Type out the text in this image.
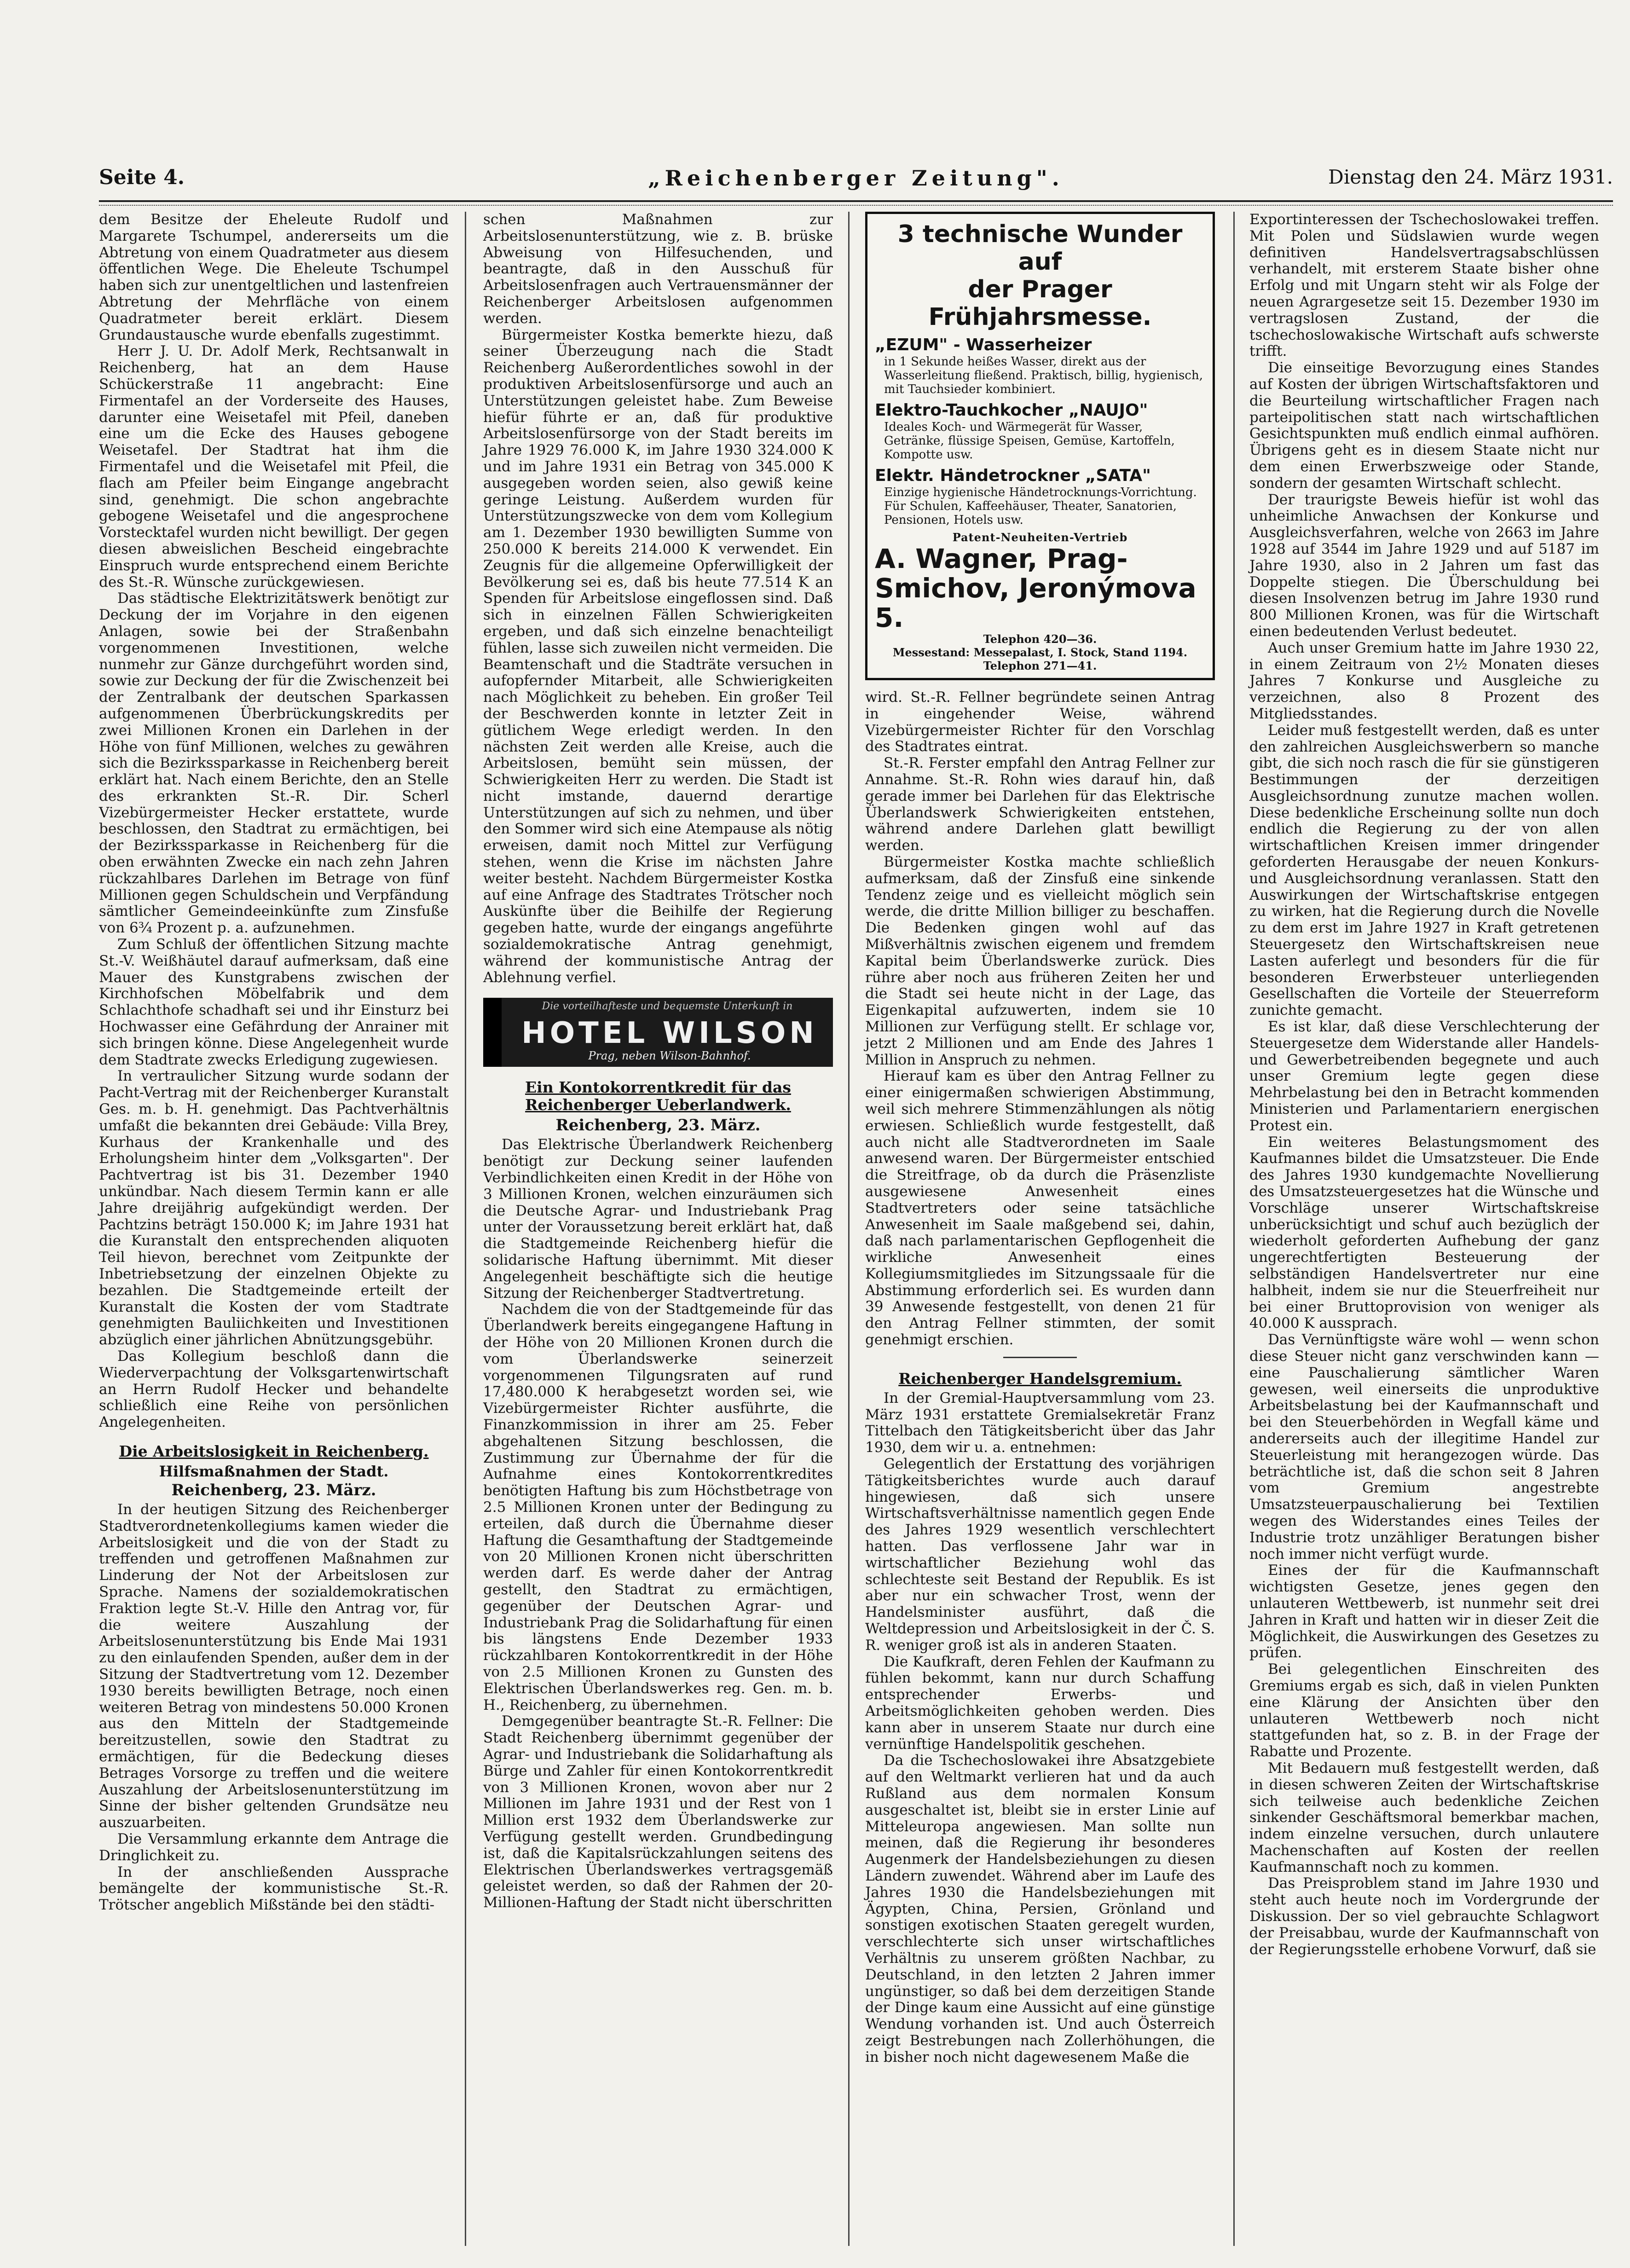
Seite 4.	„Reichenberger Zeitung".	Dienstag den 24. März 1931.

dem Besitze der Eheleute Rudolf und Margarete Tschumpel, andererseits um die Abtretung von einem Quadratmeter aus diesem öffentlichen Wege. Die Eheleute Tschumpel haben sich zur unentgeltlichen und lastenfreien Abtretung der Mehrfläche von einem Quadratmeter bereit erklärt. Diesem Grundaustausche wurde ebenfalls zugestimmt.

Herr J. U. Dr. Adolf Merk, Rechtsanwalt in Reichenberg, hat an dem Hause Schückerstraße 11 angebracht: Eine Firmentafel an der Vorderseite des Hauses, darunter eine Weisetafel mit Pfeil, daneben eine um die Ecke des Hauses gebogene Weisetafel. Der Stadtrat hat ihm die Firmentafel und die Weisetafel mit Pfeil, die flach am Pfeiler beim Eingange angebracht sind, genehmigt. Die schon angebrachte gebogene Weisetafel und die angesprochene Vorstecktafel wurden nicht bewilligt. Der gegen diesen abweislichen Bescheid eingebrachte Einspruch wurde entsprechend einem Berichte des St.-R. Wünsche zurückgewiesen.

Das städtische Elektrizitätswerk benötigt zur Deckung der im Vorjahre in den eigenen Anlagen, sowie bei der Straßenbahn vorgenommenen Investitionen, welche nunmehr zur Gänze durchgeführt worden sind, sowie zur Deckung der für die Zwischenzeit bei der Zentralbank der deutschen Sparkassen aufgenommenen Überbrückungskredits per zwei Millionen Kronen ein Darlehen in der Höhe von fünf Millionen, welches zu gewähren sich die Bezirkssparkasse in Reichenberg bereit erklärt hat. Nach einem Berichte, den an Stelle des erkrankten St.-R. Dir. Scherl Vizebürgermeister Hecker erstattete, wurde beschlossen, den Stadtrat zu ermächtigen, bei der Bezirkssparkasse in Reichenberg für die oben erwähnten Zwecke ein nach zehn Jahren rückzahlbares Darlehen im Betrage von fünf Millionen gegen Schuldschein und Verpfändung sämtlicher Gemeindeeinkünfte zum Zinsfuße von 6¾ Prozent p. a. aufzunehmen.

Zum Schluß der öffentlichen Sitzung machte St.-V. Weißhäutel darauf aufmerksam, daß eine Mauer des Kunstgrabens zwischen der Kirchhofschen Möbelfabrik und dem Schlachthofe schadhaft sei und ihr Einsturz bei Hochwasser eine Gefährdung der Anrainer mit sich bringen könne. Diese Angelegenheit wurde dem Stadtrate zwecks Erledigung zugewiesen.

In vertraulicher Sitzung wurde sodann der Pacht-Vertrag mit der Reichenberger Kuranstalt Ges. m. b. H. genehmigt. Das Pachtverhältnis umfaßt die bekannten drei Gebäude: Villa Brey, Kurhaus der Krankenhalle und des Erholungsheim hinter dem „Volksgarten". Der Pachtvertrag ist bis 31. Dezember 1940 unkündbar. Nach diesem Termin kann er alle Jahre dreijährig aufgekündigt werden. Der Pachtzins beträgt 150.000 K; im Jahre 1931 hat die Kuranstalt den entsprechenden aliquoten Teil hievon, berechnet vom Zeitpunkte der Inbetriebsetzung der einzelnen Objekte zu bezahlen. Die Stadtgemeinde erteilt der Kuranstalt die Kosten der vom Stadtrate genehmigten Bauliichkeiten und Investitionen abzüglich einer jährlichen Abnützungsgebühr.

Das Kollegium beschloß dann die Wiederverpachtung der Volksgartenwirtschaft an Herrn Rudolf Hecker und behandelte schließlich eine Reihe von persönlichen Angelegenheiten.

Die Arbeitslosigkeit in Reichenberg.
Hilfsmaßnahmen der Stadt.
Reichenberg, 23. März.

In der heutigen Sitzung des Reichenberger Stadtverordnetenkollegiums kamen wieder die Arbeitslosigkeit und die von der Stadt zu treffenden und getroffenen Maßnahmen zur Linderung der Not der Arbeitslosen zur Sprache. Namens der sozialdemokratischen Fraktion legte St.-V. Hille den Antrag vor, für die weitere Auszahlung der Arbeitslosenunterstützung bis Ende Mai 1931 zu den einlaufenden Spenden, außer dem in der Sitzung der Stadtvertretung vom 12. Dezember 1930 bereits bewilligten Betrage, noch einen weiteren Betrag von mindestens 50.000 Kronen aus den Mitteln der Stadtgemeinde bereitzustellen, sowie den Stadtrat zu ermächtigen, für die Bedeckung dieses Betrages Vorsorge zu treffen und die weitere Auszahlung der Arbeitslosenunterstützung im Sinne der bisher geltenden Grundsätze neu auszuarbeiten.

Die Versammlung erkannte dem Antrage die Dringlichkeit zu.

In der anschließenden Aussprache bemängelte der kommunistische St.-R. Trötscher angeblich Mißstände bei den städti-

schen Maßnahmen zur Arbeitslosenunterstützung, wie z. B. brüske Abweisung von Hilfesuchenden, und beantragte, daß in den Ausschuß für Arbeitslosenfragen auch Vertrauensmänner der Reichenberger Arbeitslosen aufgenommen werden.

Bürgermeister Kostka bemerkte hiezu, daß seiner Überzeugung nach die Stadt Reichenberg Außerordentliches sowohl in der produktiven Arbeitslosenfürsorge und auch an Unterstützungen geleistet habe. Zum Beweise hiefür führte er an, daß für produktive Arbeitslosenfürsorge von der Stadt bereits im Jahre 1929 76.000 K, im Jahre 1930 324.000 K und im Jahre 1931 ein Betrag von 345.000 K ausgegeben worden seien, also gewiß keine geringe Leistung. Außerdem wurden für Unterstützungszwecke von dem vom Kollegium am 1. Dezember 1930 bewilligten Summe von 250.000 K bereits 214.000 K verwendet. Ein Zeugnis für die allgemeine Opferwilligkeit der Bevölkerung sei es, daß bis heute 77.514 K an Spenden für Arbeitslose eingeflossen sind. Daß sich in einzelnen Fällen Schwierigkeiten ergeben, und daß sich einzelne benachteiligt fühlen, lasse sich zuweilen nicht vermeiden. Die Beamtenschaft und die Stadträte versuchen in aufopfernder Mitarbeit, alle Schwierigkeiten nach Möglichkeit zu beheben. Ein großer Teil der Beschwerden konnte in letzter Zeit in gütlichem Wege erledigt werden. In den nächsten Zeit werden alle Kreise, auch die Arbeitslosen, bemüht sein müssen, der Schwierigkeiten Herr zu werden. Die Stadt ist nicht imstande, dauernd derartige Unterstützungen auf sich zu nehmen, und über den Sommer wird sich eine Atempause als nötig erweisen, damit noch Mittel zur Verfügung stehen, wenn die Krise im nächsten Jahre weiter besteht. Nachdem Bürgermeister Kostka auf eine Anfrage des Stadtrates Trötscher noch Auskünfte über die Beihilfe der Regierung gegeben hatte, wurde der eingangs angeführte sozialdemokratische Antrag genehmigt, während der kommunistische Antrag der Ablehnung verfiel.

Die vorteilhafteste und bequemste Unterkunft in
HOTEL WILSON
Prag, neben Wilson-Bahnhof.
Ein Kontokorrentkredit für das Reichenberger Ueberlandwerk.
Reichenberg, 23. März.

Das Elektrische Überlandwerk Reichenberg benötigt zur Deckung seiner laufenden Verbindlichkeiten einen Kredit in der Höhe von 3 Millionen Kronen, welchen einzuräumen sich die Deutsche Agrar- und Industriebank Prag unter der Voraussetzung bereit erklärt hat, daß die Stadtgemeinde Reichenberg hiefür die solidarische Haftung übernimmt. Mit dieser Angelegenheit beschäftigte sich die heutige Sitzung der Reichenberger Stadtvertretung.

Nachdem die von der Stadtgemeinde für das Überlandwerk bereits eingegangene Haftung in der Höhe von 20 Millionen Kronen durch die vom Überlandswerke seinerzeit vorgenommenen Tilgungsraten auf rund 17,480.000 K herabgesetzt worden sei, wie Vizebürgermeister Richter ausführte, die Finanzkommission in ihrer am 25. Feber abgehaltenen Sitzung beschlossen, die Zustimmung zur Übernahme der für die Aufnahme eines Kontokorrentkredites benötigten Haftung bis zum Höchstbetrage von 2.5 Millionen Kronen unter der Bedingung zu erteilen, daß durch die Übernahme dieser Haftung die Gesamthaftung der Stadtgemeinde von 20 Millionen Kronen nicht überschritten werden darf. Es werde daher der Antrag gestellt, den Stadtrat zu ermächtigen, gegenüber der Deutschen Agrar- und Industriebank Prag die Solidarhaftung für einen bis längstens Ende Dezember 1933 rückzahlbaren Kontokorrentkredit in der Höhe von 2.5 Millionen Kronen zu Gunsten des Elektrischen Überlandswerkes reg. Gen. m. b. H., Reichenberg, zu übernehmen.

Demgegenüber beantragte St.-R. Fellner: Die Stadt Reichenberg übernimmt gegenüber der Agrar- und Industriebank die Solidarhaftung als Bürge und Zahler für einen Kontokorrentkredit von 3 Millionen Kronen, wovon aber nur 2 Millionen im Jahre 1931 und der Rest von 1 Million erst 1932 dem Überlandswerke zur Verfügung gestellt werden. Grundbedingung ist, daß die Kapitalsrückzahlungen seitens des Elektrischen Überlandswerkes vertragsgemäß geleistet werden, so daß der Rahmen der 20-Millionen-Haftung der Stadt nicht überschritten

3 technische Wunder auf
der Prager Frühjahrsmesse.
„EZUM" - Wasserheizer
in 1 Sekunde heißes Wasser, direkt aus der Wasserleitung fließend. Praktisch, billig, hygienisch, mit Tauchsieder kombiniert.
Elektro-Tauchkocher „NAUJO"
Ideales Koch- und Wärmegerät für Wasser, Getränke, flüssige Speisen, Gemüse, Kartoffeln, Kompotte usw.
Elektr. Händetrockner „SATA"
Einzige hygienische Händetrocknungs-Vorrichtung. Für Schulen, Kaffeehäuser, Theater, Sanatorien, Pensionen, Hotels usw.
Patent-Neuheiten-Vertrieb
A. Wagner, Prag-Smichov, Jeronýmova 5.
Telephon 420—36.
Messestand: Messepalast, I. Stock, Stand 1194.
Telephon 271—41.

wird. St.-R. Fellner begründete seinen Antrag in eingehender Weise, während Vizebürgermeister Richter für den Vorschlag des Stadtrates eintrat.

St.-R. Ferster empfahl den Antrag Fellner zur Annahme. St.-R. Rohn wies darauf hin, daß gerade immer bei Darlehen für das Elektrische Überlandswerk Schwierigkeiten entstehen, während andere Darlehen glatt bewilligt werden.

Bürgermeister Kostka machte schließlich aufmerksam, daß der Zinsfuß eine sinkende Tendenz zeige und es vielleicht möglich sein werde, die dritte Million billiger zu beschaffen. Die Bedenken gingen wohl auf das Mißverhältnis zwischen eigenem und fremdem Kapital beim Überlandswerke zurück. Dies rühre aber noch aus früheren Zeiten her und die Stadt sei heute nicht in der Lage, das Eigenkapital aufzuwerten, indem sie 10 Millionen zur Verfügung stellt. Er schlage vor, jetzt 2 Millionen und am Ende des Jahres 1 Million in Anspruch zu nehmen.

Hierauf kam es über den Antrag Fellner zu einer einigermaßen schwierigen Abstimmung, weil sich mehrere Stimmenzählungen als nötig erwiesen. Schließlich wurde festgestellt, daß auch nicht alle Stadtverordneten im Saale anwesend waren. Der Bürgermeister entschied die Streitfrage, ob da durch die Präsenzliste ausgewiesene Anwesenheit eines Stadtvertreters oder seine tatsächliche Anwesenheit im Saale maßgebend sei, dahin, daß nach parlamentarischen Gepflogenheit die wirkliche Anwesenheit eines Kollegiumsmitgliedes im Sitzungssaale für die Abstimmung erforderlich sei. Es wurden dann 39 Anwesende festgestellt, von denen 21 für den Antrag Fellner stimmten, der somit genehmigt erschien.

Reichenberger Handelsgremium.

In der Gremial-Hauptversammlung vom 23. März 1931 erstattete Gremialsekretär Franz Tittelbach den Tätigkeitsbericht über das Jahr 1930, dem wir u. a. entnehmen:

Gelegentlich der Erstattung des vorjährigen Tätigkeitsberichtes wurde auch darauf hingewiesen, daß sich unsere Wirtschaftsverhältnisse namentlich gegen Ende des Jahres 1929 wesentlich verschlechtert hatten. Das verflossene Jahr war in wirtschaftlicher Beziehung wohl das schlechteste seit Bestand der Republik. Es ist aber nur ein schwacher Trost, wenn der Handelsminister ausführt, daß die Weltdepression und Arbeitslosigkeit in der Č. S. R. weniger groß ist als in anderen Staaten.

Die Kaufkraft, deren Fehlen der Kaufmann zu fühlen bekommt, kann nur durch Schaffung entsprechender Erwerbs- und Arbeitsmöglichkeiten gehoben werden. Dies kann aber in unserem Staate nur durch eine vernünftige Handelspolitik geschehen.

Da die Tschechoslowakei ihre Absatzgebiete auf den Weltmarkt verlieren hat und da auch Rußland aus dem normalen Konsum ausgeschaltet ist, bleibt sie in erster Linie auf Mitteleuropa angewiesen. Man sollte nun meinen, daß die Regierung ihr besonderes Augenmerk der Handelsbeziehungen zu diesen Ländern zuwendet. Während aber im Laufe des Jahres 1930 die Handelsbeziehungen mit Ägypten, China, Persien, Grönland und sonstigen exotischen Staaten geregelt wurden, verschlechterte sich unser wirtschaftliches Verhältnis zu unserem größten Nachbar, zu Deutschland, in den letzten 2 Jahren immer ungünstiger, so daß bei dem derzeitigen Stande der Dinge kaum eine Aussicht auf eine günstige Wendung vorhanden ist. Und auch Österreich zeigt Bestrebungen nach Zollerhöhungen, die in bisher noch nicht dagewesenem Maße die

Exportinteressen der Tschechoslowakei treffen. Mit Polen und Südslawien wurde wegen definitiven Handelsvertragsabschlüssen verhandelt, mit ersterem Staate bisher ohne Erfolg und mit Ungarn steht wir als Folge der neuen Agrargesetze seit 15. Dezember 1930 im vertragslosen Zustand, der die tschechoslowakische Wirtschaft aufs schwerste trifft.

Die einseitige Bevorzugung eines Standes auf Kosten der übrigen Wirtschaftsfaktoren und die Beurteilung wirtschaftlicher Fragen nach parteipolitischen statt nach wirtschaftlichen Gesichtspunkten muß endlich einmal aufhören. Übrigens geht es in diesem Staate nicht nur dem einen Erwerbszweige oder Stande, sondern der gesamten Wirtschaft schlecht.

Der traurigste Beweis hiefür ist wohl das unheimliche Anwachsen der Konkurse und Ausgleichsverfahren, welche von 2663 im Jahre 1928 auf 3544 im Jahre 1929 und auf 5187 im Jahre 1930, also in 2 Jahren um fast das Doppelte stiegen. Die Überschuldung bei diesen Insolvenzen betrug im Jahre 1930 rund 800 Millionen Kronen, was für die Wirtschaft einen bedeutenden Verlust bedeutet.

Auch unser Gremium hatte im Jahre 1930 22, in einem Zeitraum von 2½ Monaten dieses Jahres 7 Konkurse und Ausgleiche zu verzeichnen, also 8 Prozent des Mitgliedsstandes.

Leider muß festgestellt werden, daß es unter den zahlreichen Ausgleichswerbern so manche gibt, die sich noch rasch die für sie günstigeren Bestimmungen der derzeitigen Ausgleichsordnung zunutze machen wollen. Diese bedenkliche Erscheinung sollte nun doch endlich die Regierung zu der von allen wirtschaftlichen Kreisen immer dringender geforderten Herausgabe der neuen Konkurs- und Ausgleichsordnung veranlassen. Statt den Auswirkungen der Wirtschaftskrise entgegen zu wirken, hat die Regierung durch die Novelle zu dem erst im Jahre 1927 in Kraft getretenen Steuergesetz den Wirtschaftskreisen neue Lasten auferlegt und besonders für die für besonderen Erwerbsteuer unterliegenden Gesellschaften die Vorteile der Steuerreform zunichte gemacht.

Es ist klar, daß diese Verschlechterung der Steuergesetze dem Widerstande aller Handels- und Gewerbetreibenden begegnete und auch unser Gremium legte gegen diese Mehrbelastung bei den in Betracht kommenden Ministerien und Parlamentariern energischen Protest ein.

Ein weiteres Belastungsmoment des Kaufmannes bildet die Umsatzsteuer. Die Ende des Jahres 1930 kundgemachte Novellierung des Umsatzsteuergesetzes hat die Wünsche und Vorschläge unserer Wirtschaftskreise unberücksichtigt und schuf auch bezüglich der wiederholt geforderten Aufhebung der ganz ungerechtfertigten Besteuerung der selbständigen Handelsvertreter nur eine halbheit, indem sie nur die Steuerfreiheit nur bei einer Bruttoprovision von weniger als 40.000 K aussprach.

Das Vernünftigste wäre wohl — wenn schon diese Steuer nicht ganz verschwinden kann — eine Pauschalierung sämtlicher Waren gewesen, weil einerseits die unproduktive Arbeitsbelastung bei der Kaufmannschaft und bei den Steuerbehörden in Wegfall käme und andererseits auch der illegitime Handel zur Steuerleistung mit herangezogen würde. Das beträchtliche ist, daß die schon seit 8 Jahren vom Gremium angestrebte Umsatzsteuerpauschalierung bei Textilien wegen des Widerstandes eines Teiles der Industrie trotz unzähliger Beratungen bisher noch immer nicht verfügt wurde.

Eines der für die Kaufmannschaft wichtigsten Gesetze, jenes gegen den unlauteren Wettbewerb, ist nunmehr seit drei Jahren in Kraft und hatten wir in dieser Zeit die Möglichkeit, die Auswirkungen des Gesetzes zu prüfen.

Bei gelegentlichen Einschreiten des Gremiums ergab es sich, daß in vielen Punkten eine Klärung der Ansichten über den unlauteren Wettbewerb noch nicht stattgefunden hat, so z. B. in der Frage der Rabatte und Prozente.

Mit Bedauern muß festgestellt werden, daß in diesen schweren Zeiten der Wirtschaftskrise sich teilweise auch bedenkliche Zeichen sinkender Geschäftsmoral bemerkbar machen, indem einzelne versuchen, durch unlautere Machenschaften auf Kosten der reellen Kaufmannschaft noch zu kommen.

Das Preisproblem stand im Jahre 1930 und steht auch heute noch im Vordergrunde der Diskussion. Der so viel gebrauchte Schlagwort der Preisabbau, wurde der Kaufmannschaft von der Regierungsstelle erhobene Vorwurf, daß sie
